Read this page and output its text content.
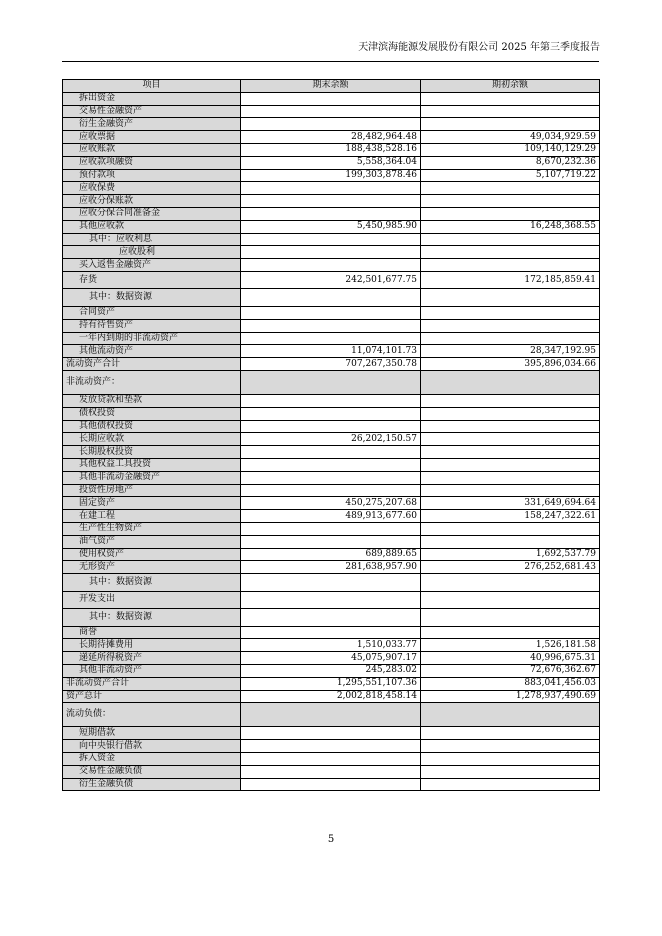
天津滨海能源发展股份有限公司 2025 年第三季度报告
项目	期末余额	期初余额
拆出资金		
交易性金融资产		
衍生金融资产		
应收票据	28,482,964.48	49,034,929.59
应收账款	188,438,528.16	109,140,129.29
应收款项融资	5,558,364.04	8,670,232.36
预付款项	199,303,878.46	5,107,719.22
应收保费		
应收分保账款		
应收分保合同准备金		
其他应收款	5,450,985.90	16,248,368.55
其中：应收利息		
应收股利		
买入返售金融资产		
存货	242,501,677.75	172,185,859.41
其中：数据资源		
合同资产		
持有待售资产		
一年内到期的非流动资产		
其他流动资产	11,074,101.73	28,347,192.95
流动资产合计	707,267,350.78	395,896,034.66
非流动资产：		
发放贷款和垫款		
债权投资		
其他债权投资		
长期应收款	26,202,150.57	
长期股权投资		
其他权益工具投资		
其他非流动金融资产		
投资性房地产		
固定资产	450,275,207.68	331,649,694.64
在建工程	489,913,677.60	158,247,322.61
生产性生物资产		
油气资产		
使用权资产	689,889.65	1,692,537.79
无形资产	281,638,957.90	276,252,681.43
其中：数据资源		
开发支出		
其中：数据资源		
商誉		
长期待摊费用	1,510,033.77	1,526,181.58
递延所得税资产	45,075,907.17	40,996,675.31
其他非流动资产	245,283.02	72,676,362.67
非流动资产合计	1,295,551,107.36	883,041,456.03
资产总计	2,002,818,458.14	1,278,937,490.69
流动负债：		
短期借款		
向中央银行借款		
拆入资金		
交易性金融负债		
衍生金融负债		
5
